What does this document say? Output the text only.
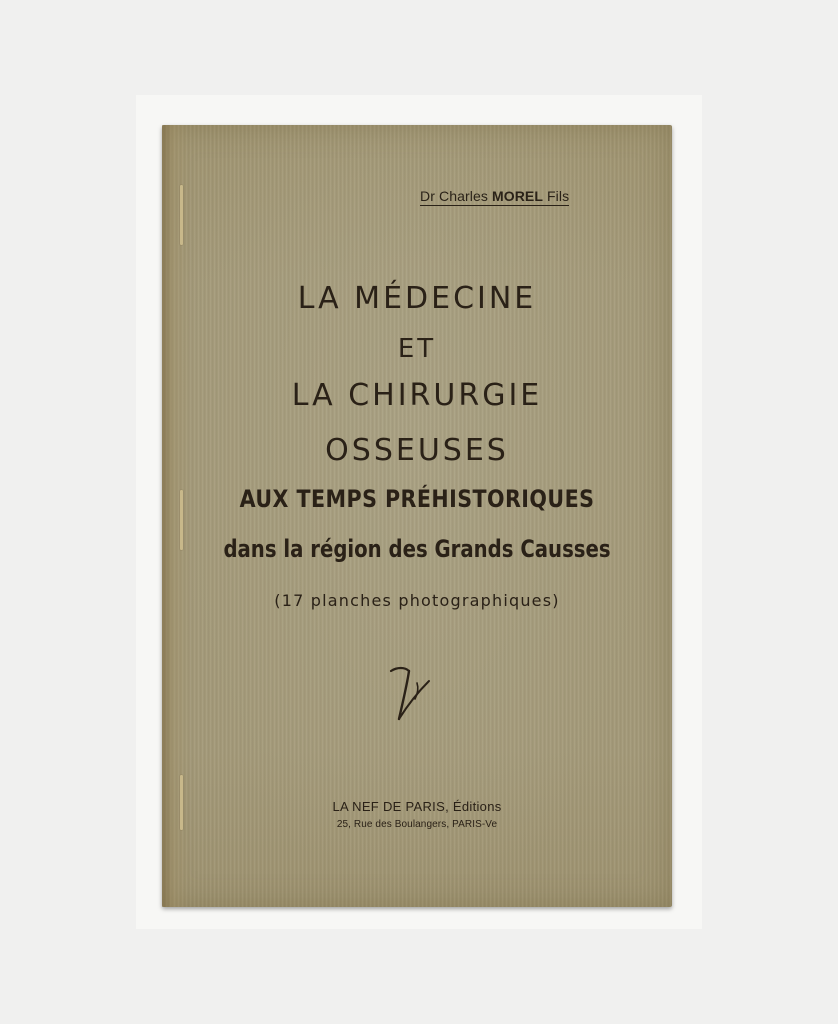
Dr Charles MOREL Fils
LA MÉDECINE
ET
LA CHIRURGIE
OSSEUSES
AUX TEMPS PRÉHISTORIQUES
dans la région des Grands Causses
(17 planches photographiques)
LA NEF DE PARIS, Éditions
25, Rue des Boulangers, PARIS-Ve
